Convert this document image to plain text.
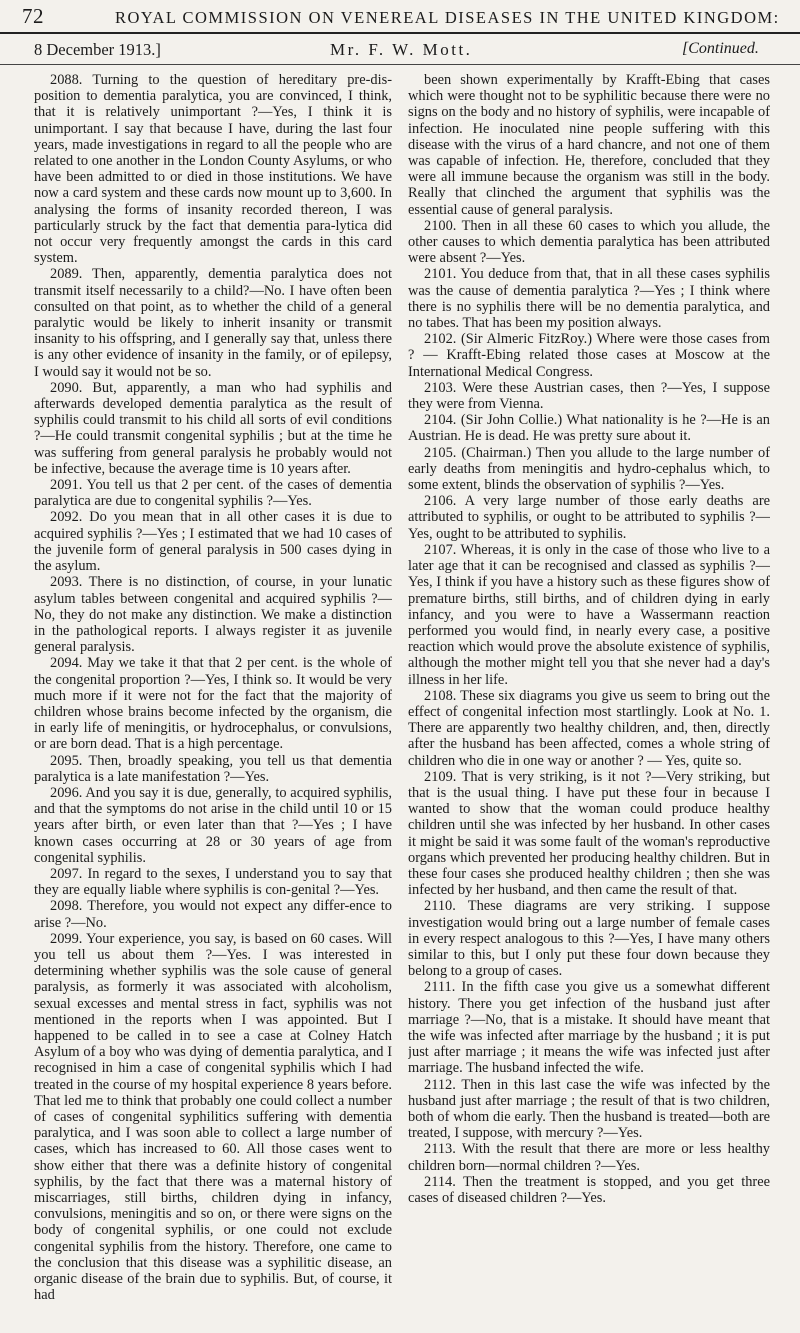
72	ROYAL COMMISSION ON VENEREAL DISEASES IN THE UNITED KINGDOM:
8 December 1913.]	Mr. F. W. Mott.	[Continued.

2088. Turning to the question of hereditary pre-dis-position to dementia paralytica, you are convinced, I think, that it is relatively unimportant ?—Yes, I think it is unimportant. I say that because I have, during the last four years, made investigations in regard to all the people who are related to one another in the London County Asylums, or who have been admitted to or died in those institutions. We have now a card system and these cards now mount up to 3,600. In analysing the forms of insanity recorded thereon, I was particularly struck by the fact that dementia para-lytica did not occur very frequently amongst the cards in this card system.

2089. Then, apparently, dementia paralytica does not transmit itself necessarily to a child?—No. I have often been consulted on that point, as to whether the child of a general paralytic would be likely to inherit insanity or transmit insanity to his offspring, and I generally say that, unless there is any other evidence of insanity in the family, or of epilepsy, I would say it would not be so.

2090. But, apparently, a man who had syphilis and afterwards developed dementia paralytica as the result of syphilis could transmit to his child all sorts of evil conditions ?—He could transmit congenital syphilis ; but at the time he was suffering from general paralysis he probably would not be infective, because the average time is 10 years after.

2091. You tell us that 2 per cent. of the cases of dementia paralytica are due to congenital syphilis ?—Yes.

2092. Do you mean that in all other cases it is due to acquired syphilis ?—Yes ; I estimated that we had 10 cases of the juvenile form of general paralysis in 500 cases dying in the asylum.

2093. There is no distinction, of course, in your lunatic asylum tables between congenital and acquired syphilis ?—No, they do not make any distinction. We make a distinction in the pathological reports. I always register it as juvenile general paralysis.

2094. May we take it that that 2 per cent. is the whole of the congenital proportion ?—Yes, I think so. It would be very much more if it were not for the fact that the majority of children whose brains become infected by the organism, die in early life of meningitis, or hydrocephalus, or convulsions, or are born dead. That is a high percentage.

2095. Then, broadly speaking, you tell us that dementia paralytica is a late manifestation ?—Yes.

2096. And you say it is due, generally, to acquired syphilis, and that the symptoms do not arise in the child until 10 or 15 years after birth, or even later than that ?—Yes ; I have known cases occurring at 28 or 30 years of age from congenital syphilis.

2097. In regard to the sexes, I understand you to say that they are equally liable where syphilis is con-genital ?—Yes.

2098. Therefore, you would not expect any differ-ence to arise ?—No.

2099. Your experience, you say, is based on 60 cases. Will you tell us about them ?—Yes. I was interested in determining whether syphilis was the sole cause of general paralysis, as formerly it was associated with alcoholism, sexual excesses and mental stress in fact, syphilis was not mentioned in the reports when I was appointed. But I happened to be called in to see a case at Colney Hatch Asylum of a boy who was dying of dementia paralytica, and I recognised in him a case of congenital syphilis which I had treated in the course of my hospital experience 8 years before. That led me to think that probably one could collect a number of cases of congenital syphilitics suffering with dementia paralytica, and I was soon able to collect a large number of cases, which has increased to 60. All those cases went to show either that there was a definite history of congenital syphilis, by the fact that there was a maternal history of miscarriages, still births, children dying in infancy, convulsions, meningitis and so on, or there were signs on the body of congenital syphilis, or one could not exclude congenital syphilis from the history. Therefore, one came to the conclusion that this disease was a syphilitic disease, an organic disease of the brain due to syphilis. But, of course, it had

been shown experimentally by Krafft-Ebing that cases which were thought not to be syphilitic because there were no signs on the body and no history of syphilis, were incapable of infection. He inoculated nine people suffering with this disease with the virus of a hard chancre, and not one of them was capable of infection. He, therefore, concluded that they were all immune because the organism was still in the body. Really that clinched the argument that syphilis was the essential cause of general paralysis.

2100. Then in all these 60 cases to which you allude, the other causes to which dementia paralytica has been attributed were absent ?—Yes.

2101. You deduce from that, that in all these cases syphilis was the cause of dementia paralytica ?—Yes ; I think where there is no syphilis there will be no dementia paralytica, and no tabes. That has been my position always.

2102. (Sir Almeric FitzRoy.) Where were those cases from ? — Krafft-Ebing related those cases at Moscow at the International Medical Congress.

2103. Were these Austrian cases, then ?—Yes, I suppose they were from Vienna.

2104. (Sir John Collie.) What nationality is he ?—He is an Austrian. He is dead. He was pretty sure about it.

2105. (Chairman.) Then you allude to the large number of early deaths from meningitis and hydro-cephalus which, to some extent, blinds the observation of syphilis ?—Yes.

2106. A very large number of those early deaths are attributed to syphilis, or ought to be attributed to syphilis ?—Yes, ought to be attributed to syphilis.

2107. Whereas, it is only in the case of those who live to a later age that it can be recognised and classed as syphilis ?—Yes, I think if you have a history such as these figures show of premature births, still births, and of children dying in early infancy, and you were to have a Wassermann reaction performed you would find, in nearly every case, a positive reaction which would prove the absolute existence of syphilis, although the mother might tell you that she never had a day's illness in her life.

2108. These six diagrams you give us seem to bring out the effect of congenital infection most startlingly. Look at No. 1. There are apparently two healthy children, and, then, directly after the husband has been affected, comes a whole string of children who die in one way or another ? — Yes, quite so.

2109. That is very striking, is it not ?—Very striking, but that is the usual thing. I have put these four in because I wanted to show that the woman could produce healthy children until she was infected by her husband. In other cases it might be said it was some fault of the woman's reproductive organs which prevented her producing healthy children. But in these four cases she produced healthy children ; then she was infected by her husband, and then came the result of that.

2110. These diagrams are very striking. I suppose investigation would bring out a large number of female cases in every respect analogous to this ?—Yes, I have many others similar to this, but I only put these four down because they belong to a group of cases.

2111. In the fifth case you give us a somewhat different history. There you get infection of the husband just after marriage ?—No, that is a mistake. It should have meant that the wife was infected after marriage by the husband ; it is put just after marriage ; it means the wife was infected just after marriage. The husband infected the wife.

2112. Then in this last case the wife was infected by the husband just after marriage ; the result of that is two children, both of whom die early. Then the husband is treated—both are treated, I suppose, with mercury ?—Yes.

2113. With the result that there are more or less healthy children born—normal children ?—Yes.

2114. Then the treatment is stopped, and you get three cases of diseased children ?—Yes.
